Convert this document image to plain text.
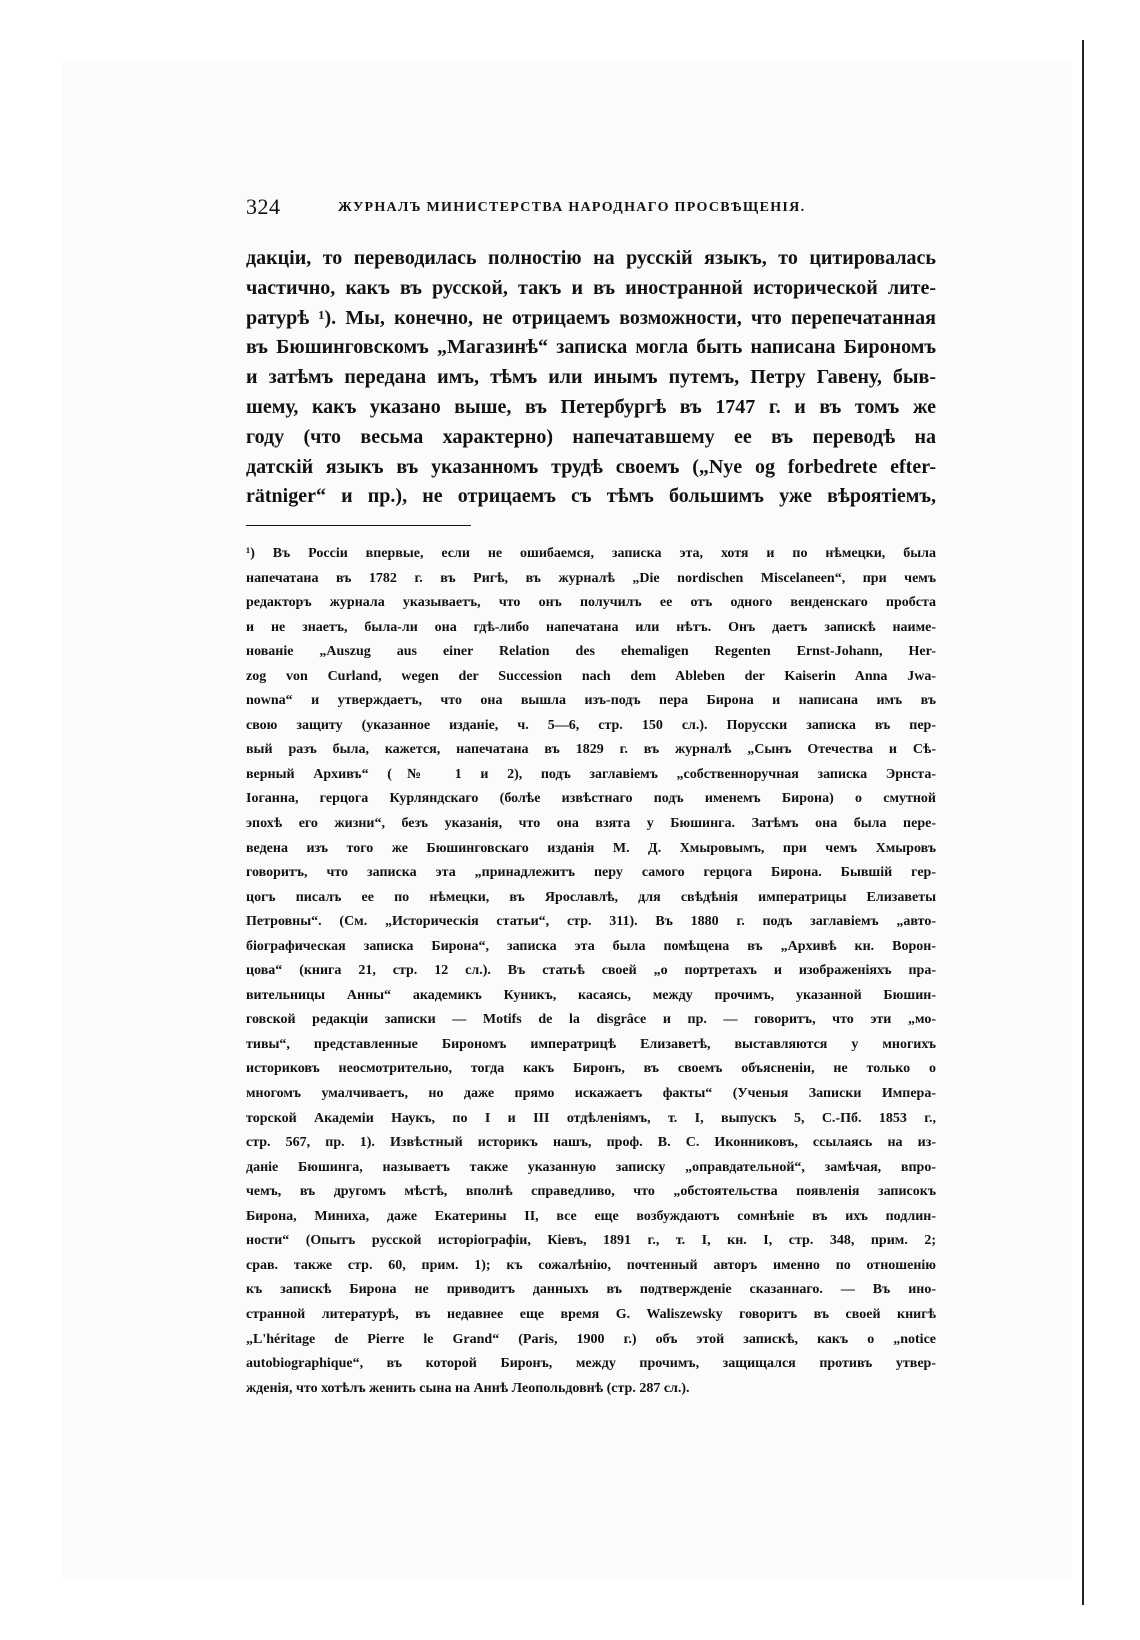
324	ЖУРНАЛЪ МИНИСТЕРСТВА НАРОДНАГО ПРОСВѢЩЕНІЯ.
дакціи, то переводилась полностію на русскій языкъ, то цитировалась
частично, какъ въ русской, такъ и въ иностранной исторической лите-
ратурѣ ¹). Мы, конечно, не отрицаемъ возможности, что перепечатанная
въ Бюшинговскомъ „Магазинѣ“ записка могла быть написана Бирономъ
и затѣмъ передана имъ, тѣмъ или инымъ путемъ, Петру Гавену, быв-
шему, какъ указано выше, въ Петербургѣ въ 1747 г. и въ томъ же
году (что весьма характерно) напечатавшему ее въ переводѣ на
датскій языкъ въ указанномъ трудѣ своемъ („Nye og forbedrete efter-
rätniger“ и пр.), не отрицаемъ съ тѣмъ большимъ уже вѣроятіемъ,
¹) Въ Россіи впервые, если не ошибаемся, записка эта, хотя и по нѣмецки, была
напечатана въ 1782 г. въ Ригѣ, въ журналѣ „Die nordischen Miscelaneen“, при чемъ
редакторъ журнала указываетъ, что онъ получилъ ее отъ одного венденскаго пробста
и не знаетъ, была-ли она гдѣ-либо напечатана или нѣтъ. Онъ даетъ запискѣ наиме-
нованіе „Auszug aus einer Relation des ehemaligen Regenten Ernst-Johann, Her-
zog von Curland, wegen der Succession nach dem Ableben der Kaiserin Anna Jwa-
nowna“ и утверждаетъ, что она вышла изъ-подъ пера Бирона и написана имъ въ
свою защиту (указанное изданіе, ч. 5—6, стр. 150 сл.). Порусски записка въ пер-
вый разъ была, кажется, напечатана въ 1829 г. въ журналѣ „Сынъ Отечества и Сѣ-
верный Архивъ“ (№ 1 и 2), подъ заглавіемъ „собственноручная записка Эрнста-
Іоганна, герцога Курляндскаго (болѣе извѣстнаго подъ именемъ Бирона) о смутной
эпохѣ его жизни“, безъ указанія, что она взята у Бюшинга. Затѣмъ она была пере-
ведена изъ того же Бюшинговскаго изданія М. Д. Хмыровымъ, при чемъ Хмыровъ
говоритъ, что записка эта „принадлежитъ перу самого герцога Бирона. Бывшій гер-
цогъ писалъ ее по нѣмецки, въ Ярославлѣ, для свѣдѣнія императрицы Елизаветы
Петровны“. (См. „Историческія статьи“, стр. 311). Въ 1880 г. подъ заглавіемъ „авто-
біографическая записка Бирона“, записка эта была помѣщена въ „Архивѣ кн. Ворон-
цова“ (книга 21, стр. 12 сл.). Въ статьѣ своей „о портретахъ и изображеніяхъ пра-
вительницы Анны“ академикъ Куникъ, касаясь, между прочимъ, указанной Бюшин-
говской редакціи записки — Motifs de la disgrâce и пр. — говоритъ, что эти „мо-
тивы“, представленные Бирономъ императрицѣ Елизаветѣ, выставляются у многихъ
историковъ неосмотрительно, тогда какъ Биронъ, въ своемъ объясненіи, не только о
многомъ умалчиваетъ, но даже прямо искажаетъ факты“ (Ученыя Записки Импера-
торской Академіи Наукъ, по I и III отдѣленіямъ, т. I, выпускъ 5, С.-Пб. 1853 г.,
стр. 567, пр. 1). Извѣстный историкъ нашъ, проф. В. С. Иконниковъ, ссылаясь на из-
даніе Бюшинга, называетъ также указанную записку „оправдательной“, замѣчая, впро-
чемъ, въ другомъ мѣстѣ, вполнѣ справедливо, что „обстоятельства появленія записокъ
Бирона, Миниха, даже Екатерины II, все еще возбуждаютъ сомнѣніе въ ихъ подлин-
ности“ (Опытъ русской исторіографіи, Кіевъ, 1891 г., т. I, кн. I, стр. 348, прим. 2;
срав. также стр. 60, прим. 1); къ сожалѣнію, почтенный авторъ именно по отношенію
къ запискѣ Бирона не приводитъ данныхъ въ подтвержденіе сказаннаго. — Въ ино-
странной литературѣ, въ недавнее еще время G. Waliszewsky говоритъ въ своей книгѣ
„L'héritage de Pierre le Grand“ (Paris, 1900 г.) объ этой запискѣ, какъ о „notice
autobiographique“, въ которой Биронъ, между прочимъ, защищался противъ утвер-
жденія, что хотѣлъ женить сына на Аннѣ Леопольдовнѣ (стр. 287 сл.).
